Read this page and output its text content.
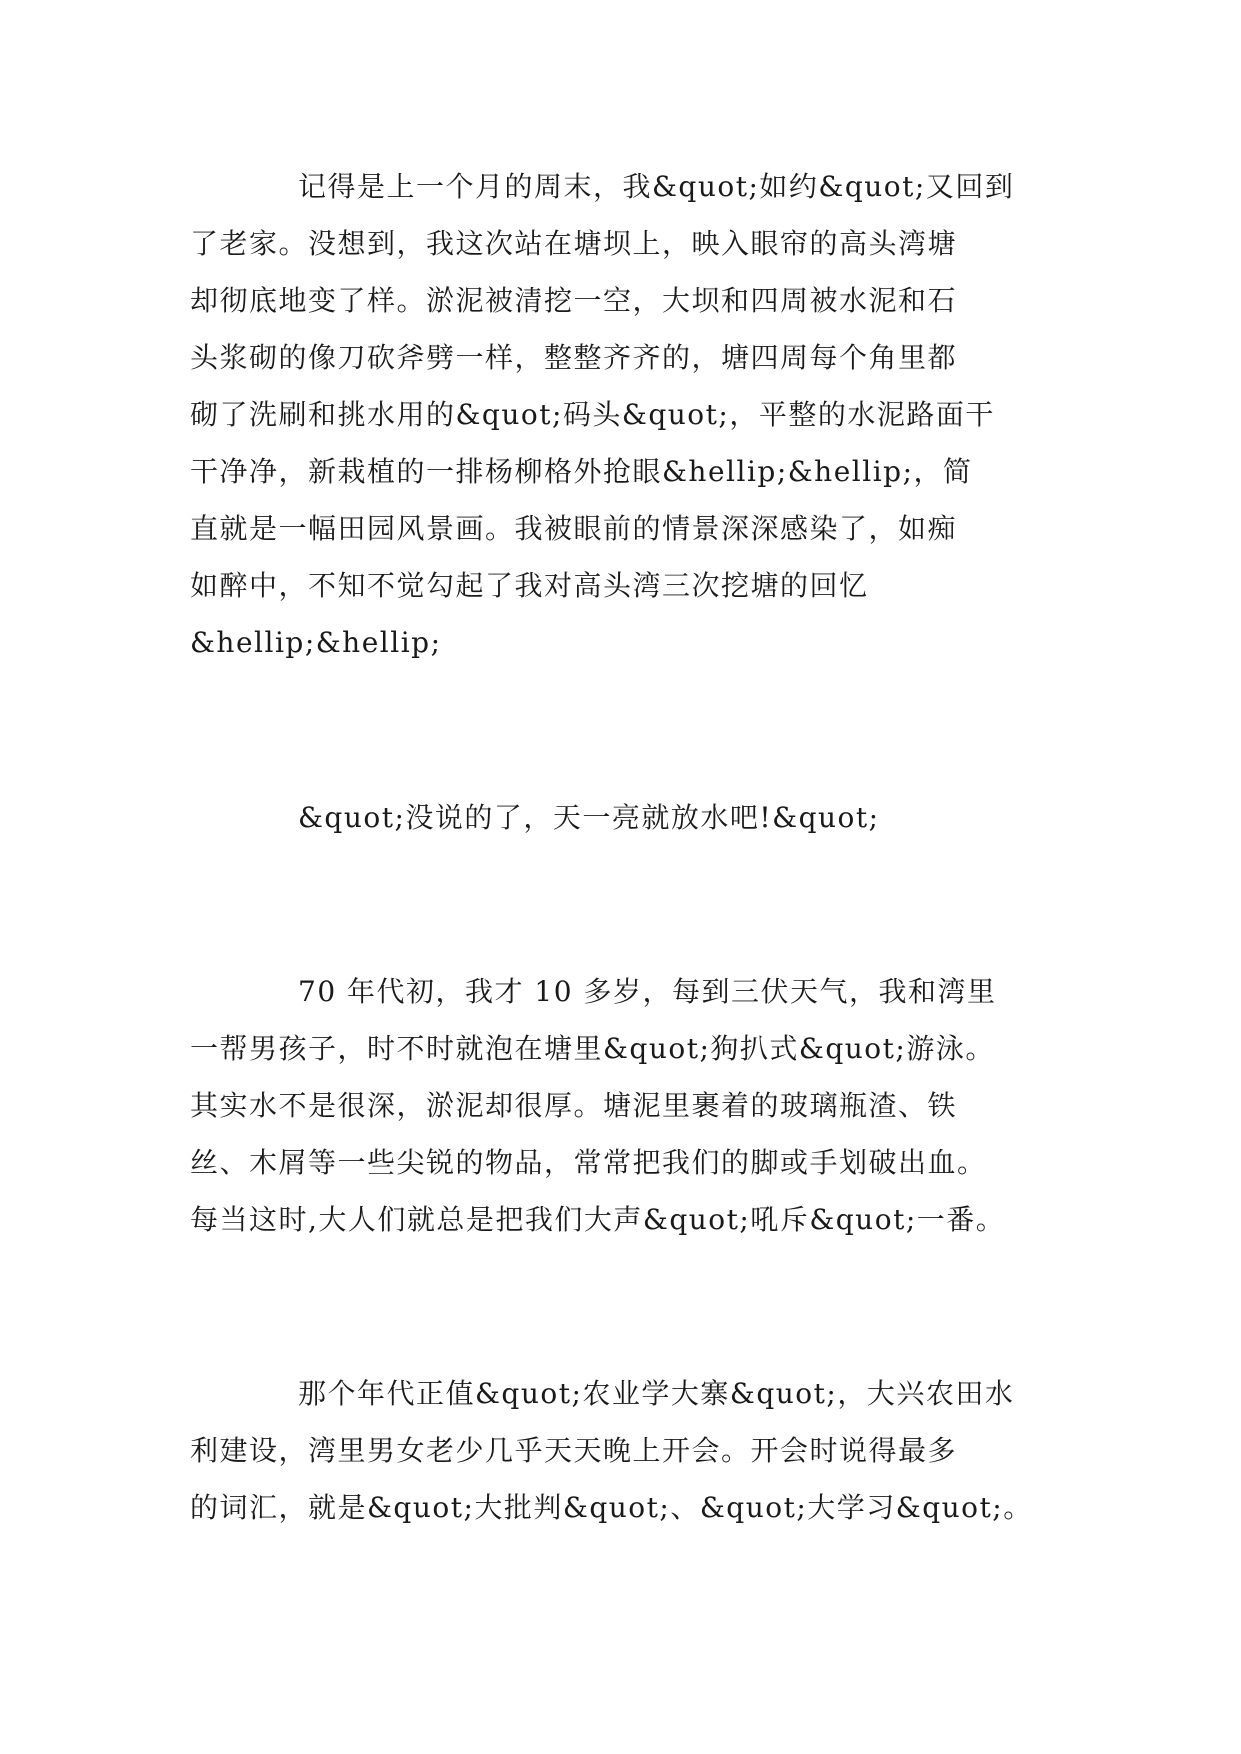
记得是上一个月的周末，我&quot;如约&quot;又回到
了老家。没想到，我这次站在塘坝上，映入眼帘的高头湾塘
却彻底地变了样。淤泥被清挖一空，大坝和四周被水泥和石
头浆砌的像刀砍斧劈一样，整整齐齐的，塘四周每个角里都
砌了洗刷和挑水用的&quot;码头&quot;，平整的水泥路面干
干净净，新栽植的一排杨柳格外抢眼&hellip;&hellip;，简
直就是一幅田园风景画。我被眼前的情景深深感染了，如痴
如醉中，不知不觉勾起了我对高头湾三次挖塘的回忆
&hellip;&hellip;
&quot;没说的了，天一亮就放水吧!&quot;
70 年代初，我才 10 多岁，每到三伏天气，我和湾里
一帮男孩子，时不时就泡在塘里&quot;狗扒式&quot;游泳。
其实水不是很深，淤泥却很厚。塘泥里裹着的玻璃瓶渣、铁
丝、木屑等一些尖锐的物品，常常把我们的脚或手划破出血。
每当这时,大人们就总是把我们大声&quot;吼斥&quot;一番。
那个年代正值&quot;农业学大寨&quot;，大兴农田水
利建设，湾里男女老少几乎天天晚上开会。开会时说得最多
的词汇，就是&quot;大批判&quot;、&quot;大学习&quot;。
